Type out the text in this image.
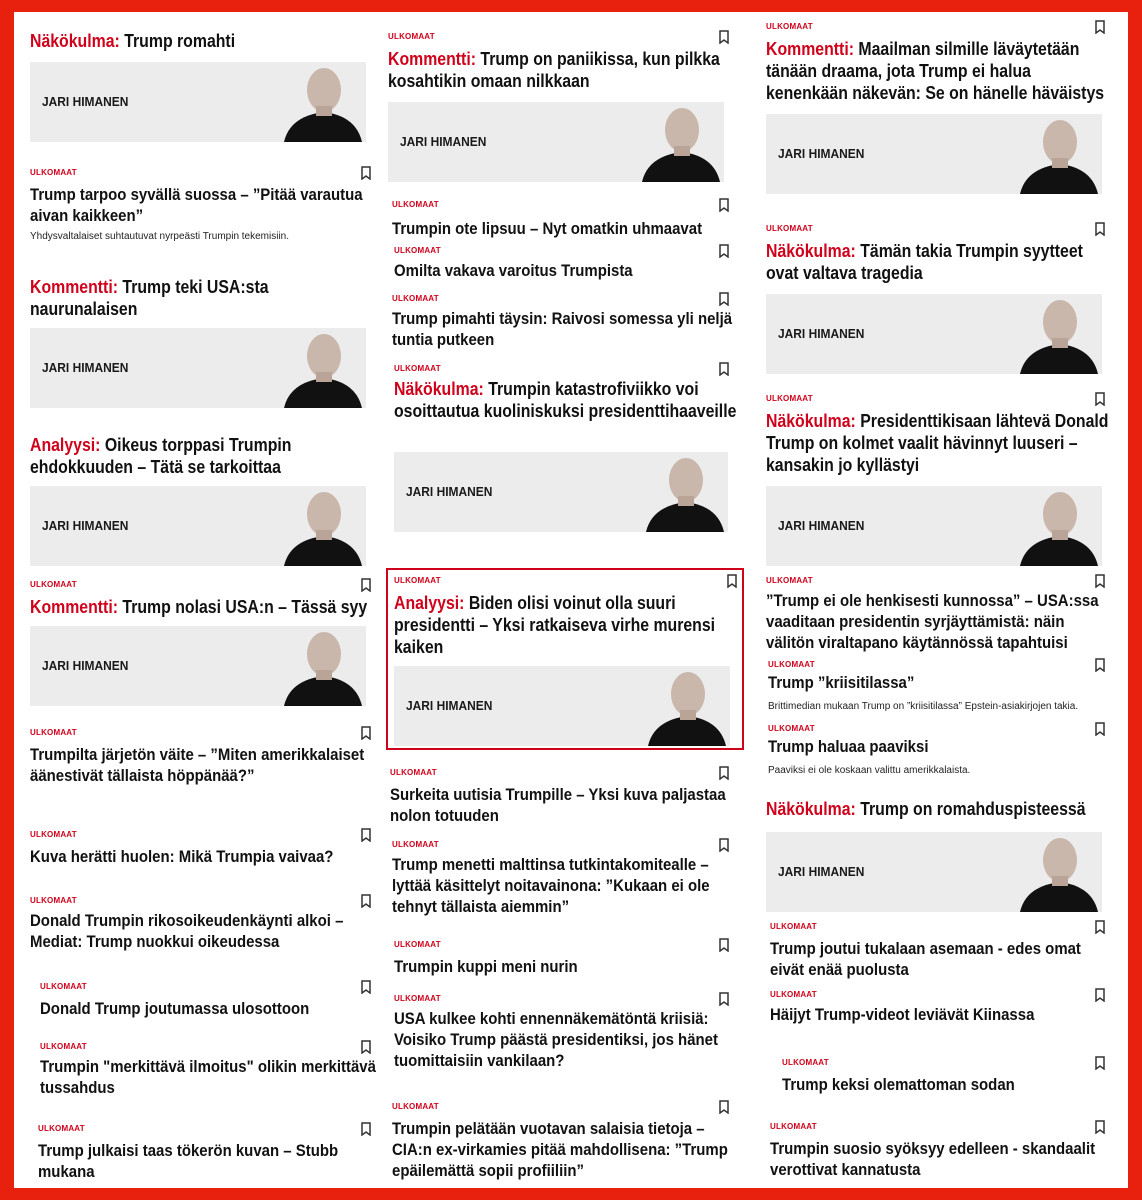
Näkökulma: Trump romahti
JARI HIMANEN
ULKOMAAT
Trump tarpoo syvällä suossa – ”Pitää varautua aivan kaikkeen”
Yhdysvaltalaiset suhtautuvat nyrpeästi Trumpin tekemisiin.
Kommentti: Trump teki USA:sta naurunalaisen
JARI HIMANEN
Analyysi: Oikeus torppasi Trumpin ehdokkuuden – Tätä se tarkoittaa
JARI HIMANEN
ULKOMAAT
Kommentti: Trump nolasi USA:n – Tässä syy
JARI HIMANEN
ULKOMAAT
Trumpilta järjetön väite – ”Miten amerikkalaiset äänestivät tällaista höppänää?”
ULKOMAAT
Kuva herätti huolen: Mikä Trumpia vaivaa?
ULKOMAAT
Donald Trumpin rikosoikeudenkäynti alkoi – Mediat: Trump nuokkui oikeudessa
ULKOMAAT
Donald Trump joutumassa ulosottoon
ULKOMAAT
Trumpin "merkittävä ilmoitus" olikin merkittävä tussahdus
ULKOMAAT
Trump julkaisi taas tökerön kuvan – Stubb mukana
ULKOMAAT
Kommentti: Trump on paniikissa, kun pilkka kosahtikin omaan nilkkaan
JARI HIMANEN
ULKOMAAT
Trumpin ote lipsuu – Nyt omatkin uhmaavat
ULKOMAAT
Omilta vakava varoitus Trumpista
ULKOMAAT
Trump pimahti täysin: Raivosi somessa yli neljä tuntia putkeen
ULKOMAAT
Näkökulma: Trumpin katastrofiviikko voi osoittautua kuoliniskuksi presidenttihaaveille
JARI HIMANEN
ULKOMAAT
Analyysi: Biden olisi voinut olla suuri presidentti – Yksi ratkaiseva virhe murensi kaiken
JARI HIMANEN
ULKOMAAT
Surkeita uutisia Trumpille – Yksi kuva paljastaa nolon totuuden
ULKOMAAT
Trump menetti malttinsa tutkintakomitealle – lyttää käsittelyt noitavainona: ”Kukaan ei ole tehnyt tällaista aiemmin”
ULKOMAAT
Trumpin kuppi meni nurin
ULKOMAAT
USA kulkee kohti ennennäkemätöntä kriisiä: Voisiko Trump päästä presidentiksi, jos hänet tuomittaisiin vankilaan?
ULKOMAAT
Trumpin pelätään vuotavan salaisia tietoja – CIA:n ex-virkamies pitää mahdollisena: ”Trump epäilemättä sopii profiiliin”
ULKOMAAT
Kommentti: Maailman silmille läväytetään tänään draama, jota Trump ei halua kenenkään näkevän: Se on hänelle häväistys
JARI HIMANEN
ULKOMAAT
Näkökulma: Tämän takia Trumpin syytteet ovat valtava tragedia
JARI HIMANEN
ULKOMAAT
Näkökulma: Presidenttikisaan lähtevä Donald Trump on kolmet vaalit hävinnyt luuseri – kansakin jo kyllästyi
JARI HIMANEN
ULKOMAAT
”Trump ei ole henkisesti kunnossa” – USA:ssa vaaditaan presidentin syrjäyttämistä: näin välitön viraltapano käytännössä tapahtuisi
ULKOMAAT
Trump ”kriisitilassa”
Brittimedian mukaan Trump on ”kriisitilassa” Epstein-asiakirjojen takia.
ULKOMAAT
Trump haluaa paaviksi
Paaviksi ei ole koskaan valittu amerikkalaista.
Näkökulma: Trump on romahduspisteessä
JARI HIMANEN
ULKOMAAT
Trump joutui tukalaan asemaan - edes omat eivät enää puolusta
ULKOMAAT
Häijyt Trump-videot leviävät Kiinassa
ULKOMAAT
Trump keksi olemattoman sodan
ULKOMAAT
Trumpin suosio syöksyy edelleen - skandaalit verottivat kannatusta
